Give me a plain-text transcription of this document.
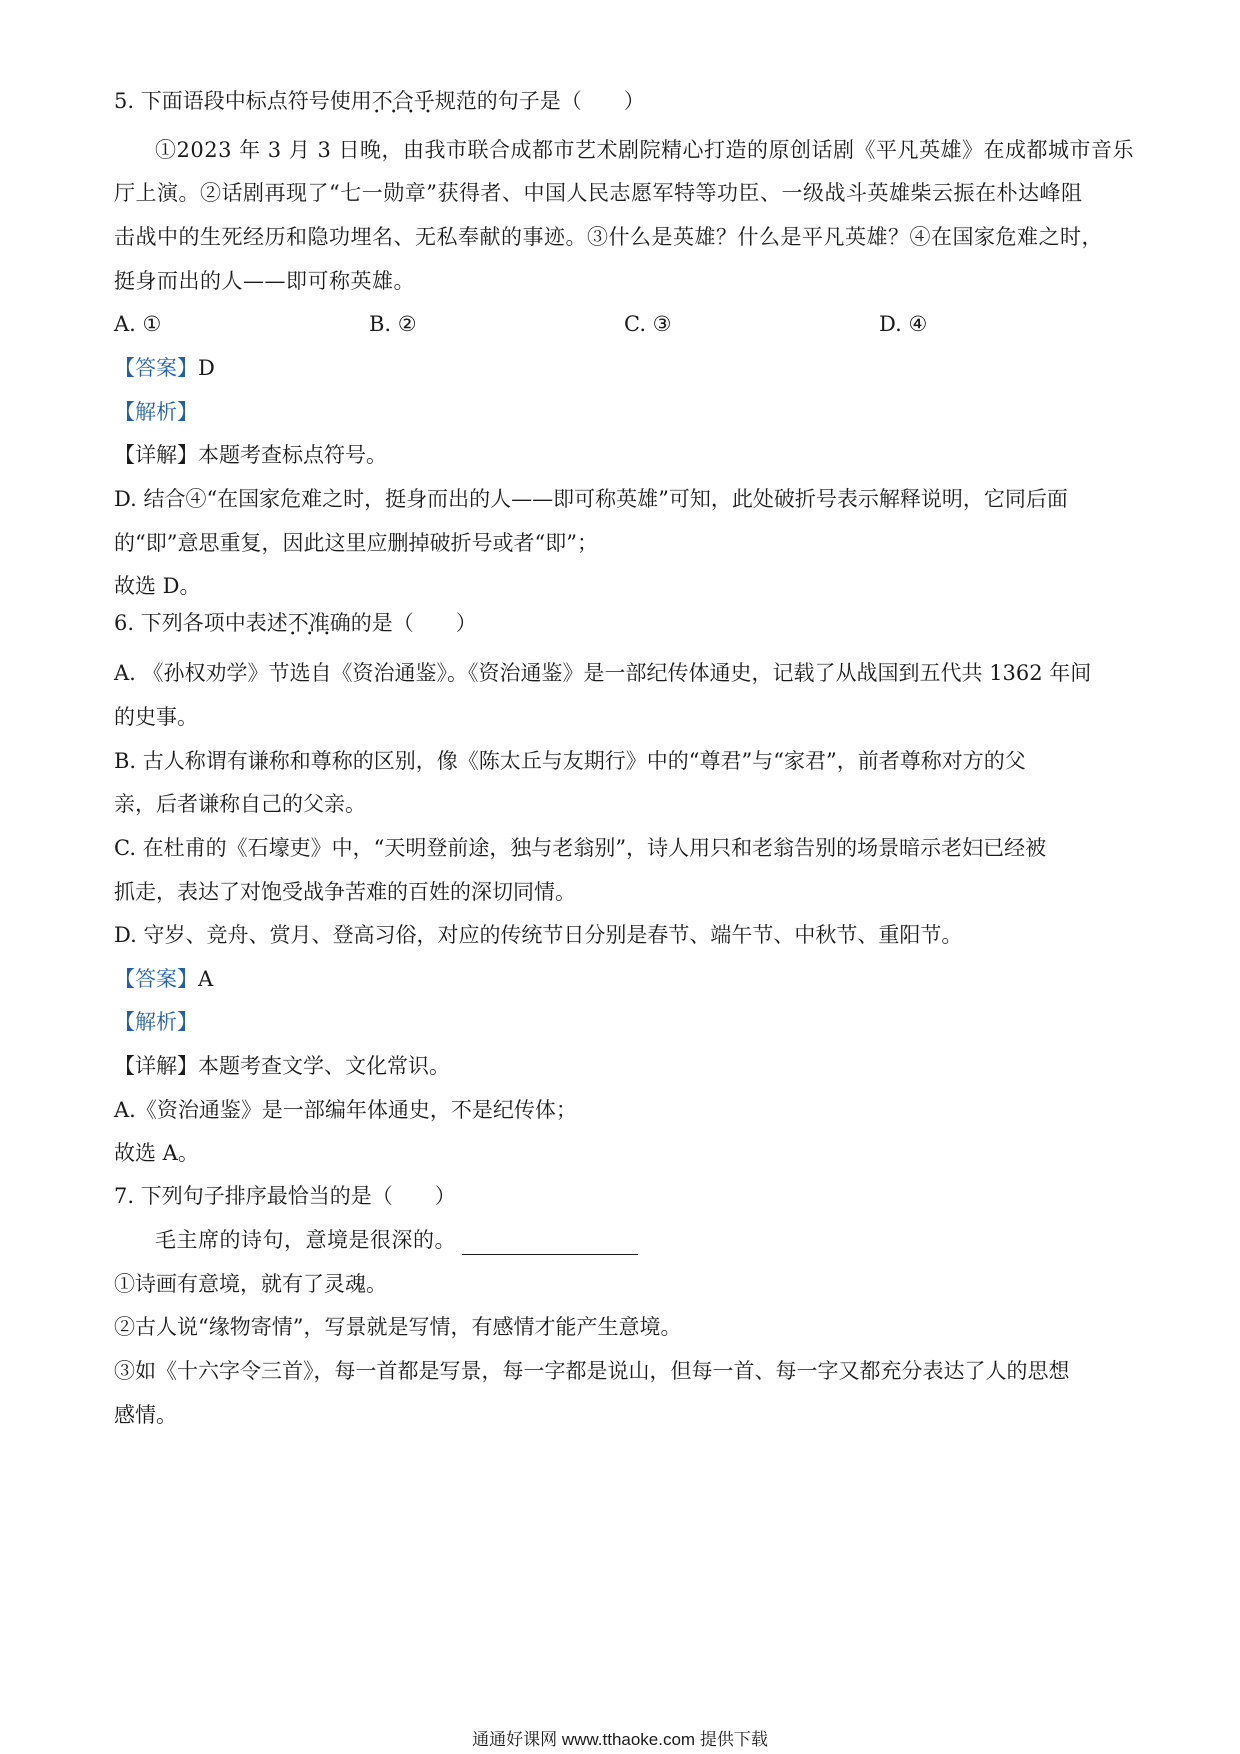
5. 下面语段中标点符号使用不合乎规范 • • • •的句子是（　　）
①2023 年 3 月 3 日晚，由我市联合成都市艺术剧院精心打造的原创话剧《平凡英雄》在成都城市音乐
厅上演。②话剧再现了“七一勋章”获得者、中国人民志愿军特等功臣、一级战斗英雄柴云振在朴达峰阻
击战中的生死经历和隐功埋名、无私奉献的事迹。③什么是英雄？什么是平凡英雄？④在国家危难之时，
挺身而出的人——即可称英雄。
A. ①	B. ②	C. ③	D. ④
【答案】D
【解析】
【详解】本题考查标点符号。
D. 结合④“在国家危难之时，挺身而出的人——即可称英雄”可知，此处破折号表示解释说明，它同后面
的“即”意思重复，因此这里应删掉破折号或者“即”；
故选 D。
6. 下列各项中表述不准确 • • •的是（　　）
A. 《孙权劝学》节选自《资治通鉴》。《资治通鉴》是一部纪传体通史，记载了从战国到五代共 1362 年间
的史事。
B. 古人称谓有谦称和尊称的区别，像《陈太丘与友期行》中的“尊君”与“家君”，前者尊称对方的父
亲，后者谦称自己的父亲。
C. 在杜甫的《石壕吏》中，“天明登前途，独与老翁别”，诗人用只和老翁告别的场景暗示老妇已经被
抓走，表达了对饱受战争苦难的百姓的深切同情。
D. 守岁、竞舟、赏月、登高习俗，对应的传统节日分别是春节、端午节、中秋节、重阳节。
【答案】A
【解析】
【详解】本题考查文学、文化常识。
A.《资治通鉴》是一部编年体通史，不是纪传体；
故选 A。
7. 下列句子排序最恰当的是（　　）
毛主席的诗句，意境是很深的。
①诗画有意境，就有了灵魂。
②古人说“缘物寄情”，写景就是写情，有感情才能产生意境。
③如《十六字令三首》，每一首都是写景，每一字都是说山，但每一首、每一字又都充分表达了人的思想
感情。
通通好课网 www.tthaoke.com 提供下载
